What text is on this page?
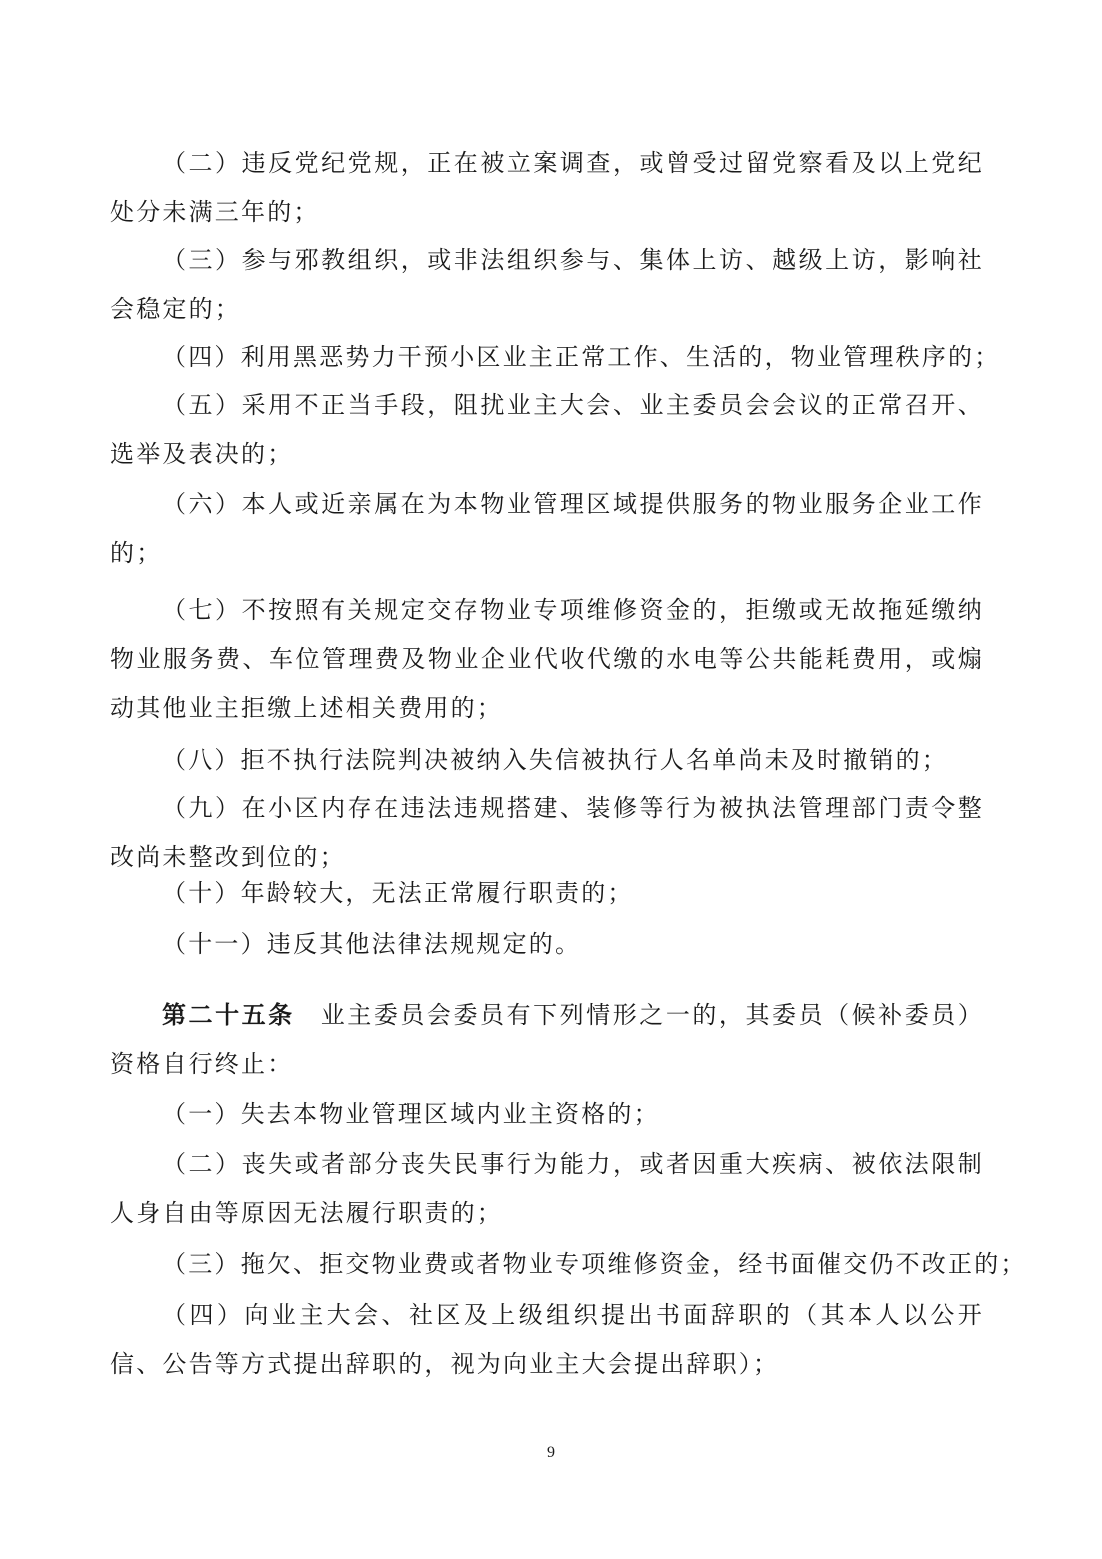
（二）违反党纪党规，正在被立案调查，或曾受过留党察看及以上党纪处分未满三年的；

（三）参与邪教组织，或非法组织参与、集体上访、越级上访，影响社会稳定的；

（四）利用黑恶势力干预小区业主正常工作、生活的，物业管理秩序的；

（五）采用不正当手段，阻扰业主大会、业主委员会会议的正常召开、选举及表决的；

（六）本人或近亲属在为本物业管理区域提供服务的物业服务企业工作的；

（七）不按照有关规定交存物业专项维修资金的，拒缴或无故拖延缴纳物业服务费、车位管理费及物业企业代收代缴的水电等公共能耗费用，或煽动其他业主拒缴上述相关费用的；

（八）拒不执行法院判决被纳入失信被执行人名单尚未及时撤销的；

（九）在小区内存在违法违规搭建、装修等行为被执法管理部门责令整改尚未整改到位的；

（十）年龄较大，无法正常履行职责的；

（十一）违反其他法律法规规定的。

第二十五条 业主委员会委员有下列情形之一的，其委员（候补委员）资格自行终止：

（一）失去本物业管理区域内业主资格的；

（二）丧失或者部分丧失民事行为能力，或者因重大疾病、被依法限制人身自由等原因无法履行职责的；

（三）拖欠、拒交物业费或者物业专项维修资金，经书面催交仍不改正的；

（四）向业主大会、社区及上级组织提出书面辞职的（其本人以公开信、公告等方式提出辞职的，视为向业主大会提出辞职）；

9
